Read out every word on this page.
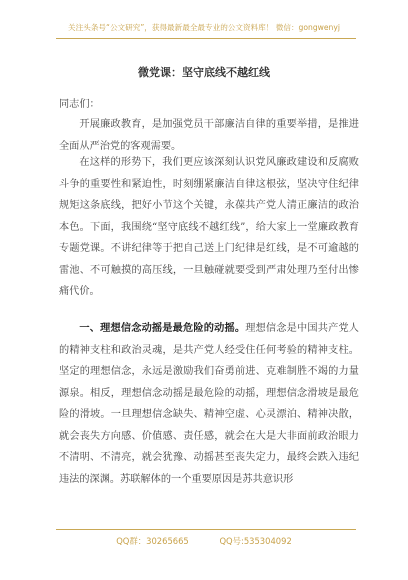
关注头条号“公文研究”，获得最新最全最专业的公文资料库！ 微信：gongwenyj
微党课：坚守底线不越红线
同志们：

开展廉政教育，是加强党员干部廉洁自律的重要举措，是推进全面从严治党的客观需要。

在这样的形势下，我们更应该深刻认识党风廉政建设和反腐败斗争的重要性和紧迫性，时刻绷紧廉洁自律这根弦，坚决守住纪律规矩这条底线，把好小节这个关键，永葆共产党人清正廉洁的政治本色。下面，我围绕“坚守底线不越红线”，给大家上一堂廉政教育专题党课。不讲纪律等于把自己送上门纪律是红线，是不可逾越的雷池、不可触摸的高压线，一旦触碰就要受到严肃处理乃至付出惨痛代价。

一、理想信念动摇是最危险的动摇。理想信念是中国共产党人的精神支柱和政治灵魂，是共产党人经受住任何考验的精神支柱。坚定的理想信念，永远是激励我们奋勇前进、克难制胜不竭的力量源泉。相反，理想信念动摇是最危险的动摇，理想信念滑坡是最危险的滑坡。一旦理想信念缺失、精神空虚、心灵漂泊、精神决散，就会丧失方向感、价值感、责任感，就会在大是大非面前政治眼力不清明、不清亮，就会犹豫、动摇甚至丧失定力，最终会跌入违纪违法的深渊。苏联解体的一个重要原因是苏共意识形

QQ群：30265665	QQ号:535304092
